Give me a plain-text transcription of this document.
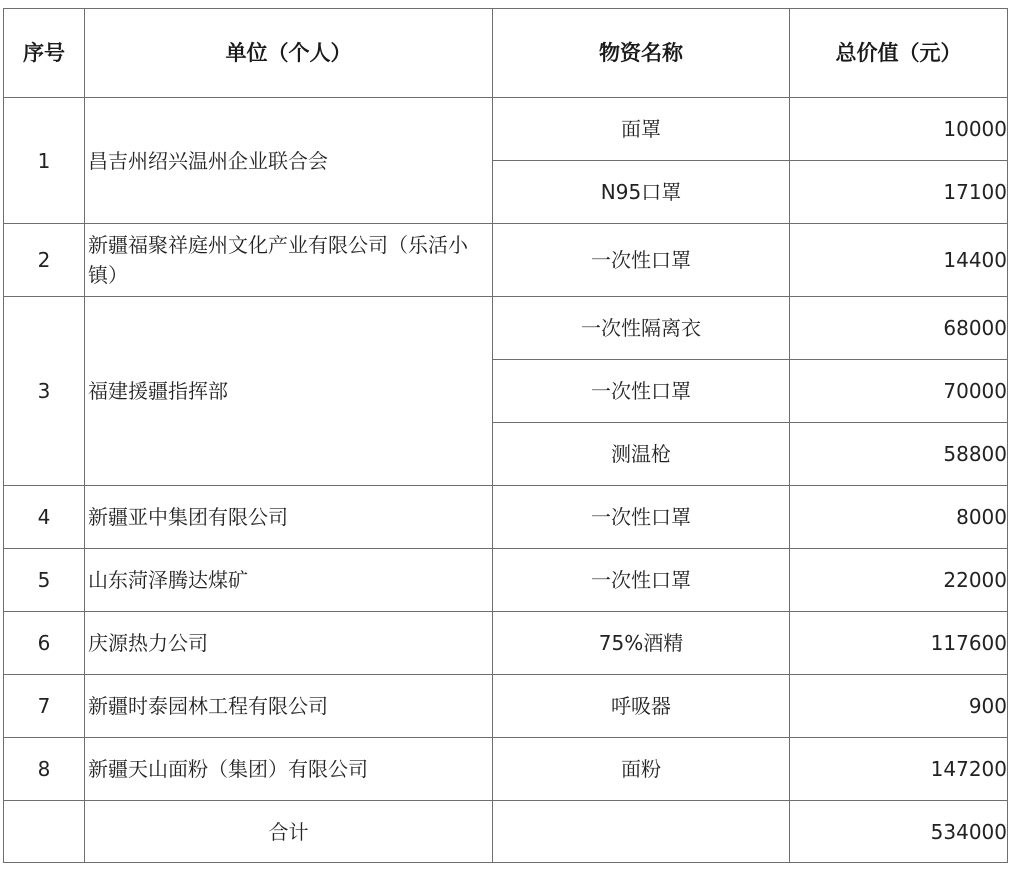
序号	单位（个人）	物资名称	总价值（元）
1	昌吉州绍兴温州企业联合会	面罩	10000
		N95口罩	17100
2	新疆福聚祥庭州文化产业有限公司（乐活小镇）	一次性口罩	14400
3	福建援疆指挥部	一次性隔离衣	68000
		一次性口罩	70000
		测温枪	58800
4	新疆亚中集团有限公司	一次性口罩	8000
5	山东菏泽腾达煤矿	一次性口罩	22000
6	庆源热力公司	75%酒精	117600
7	新疆时泰园林工程有限公司	呼吸器	900
8	新疆天山面粉（集团）有限公司	面粉	147200
	合计		534000
